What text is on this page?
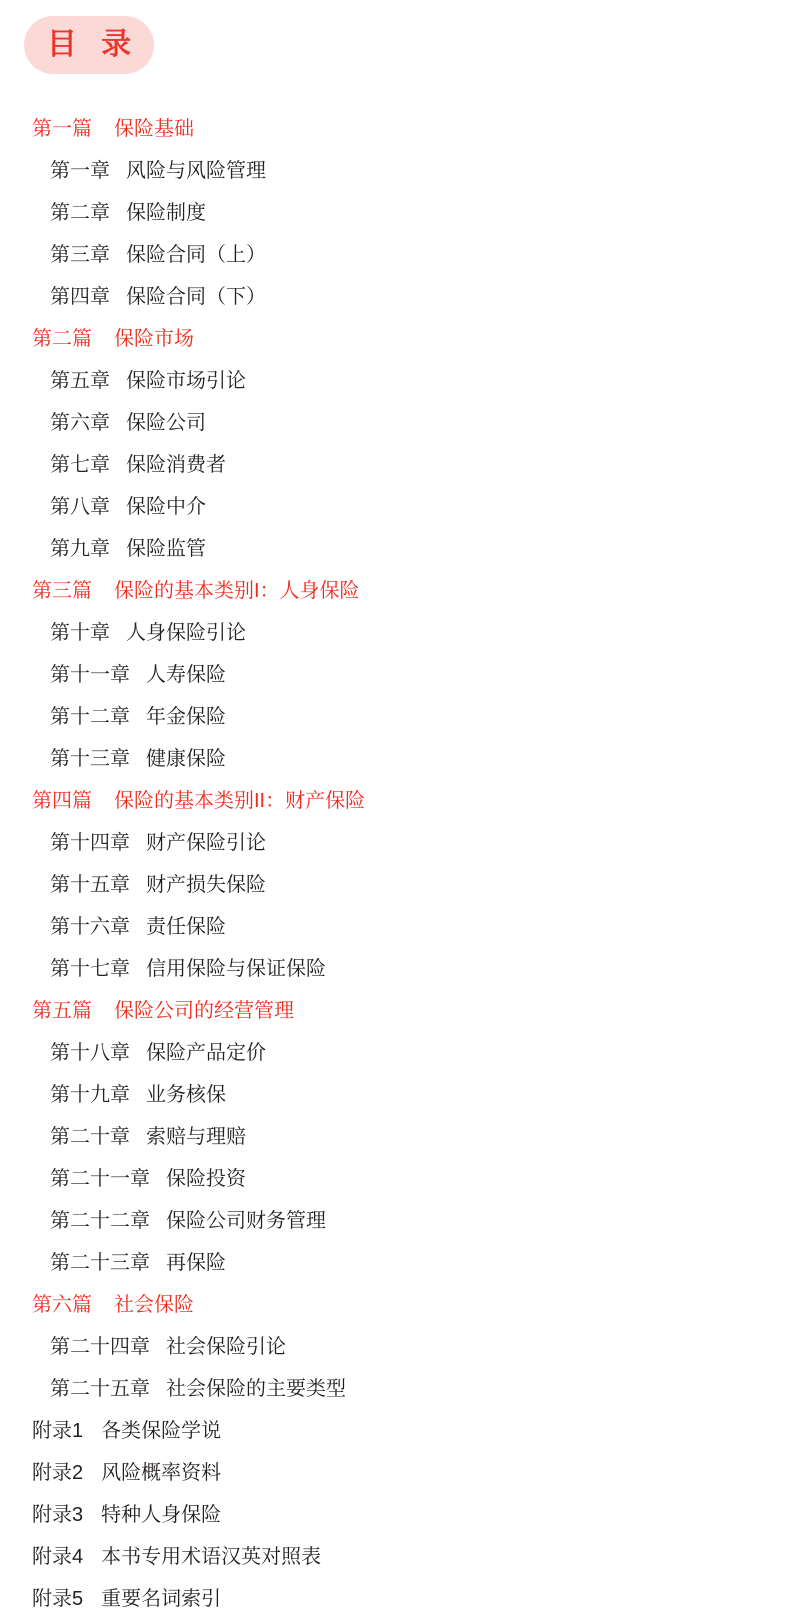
目 录
第一篇 保险基础
第一章 风险与风险管理
第二章 保险制度
第三章 保险合同（上）
第四章 保险合同（下）
第二篇 保险市场
第五章 保险市场引论
第六章 保险公司
第七章 保险消费者
第八章 保险中介
第九章 保险监管
第三篇 保险的基本类别I：人身保险
第十章 人身保险引论
第十一章 人寿保险
第十二章 年金保险
第十三章 健康保险
第四篇 保险的基本类别II：财产保险
第十四章 财产保险引论
第十五章 财产损失保险
第十六章 责任保险
第十七章 信用保险与保证保险
第五篇 保险公司的经营管理
第十八章 保险产品定价
第十九章 业务核保
第二十章 索赔与理赔
第二十一章 保险投资
第二十二章 保险公司财务管理
第二十三章 再保险
第六篇 社会保险
第二十四章 社会保险引论
第二十五章 社会保险的主要类型
附录1 各类保险学说
附录2 风险概率资料
附录3 特种人身保险
附录4 本书专用术语汉英对照表
附录5 重要名词索引
